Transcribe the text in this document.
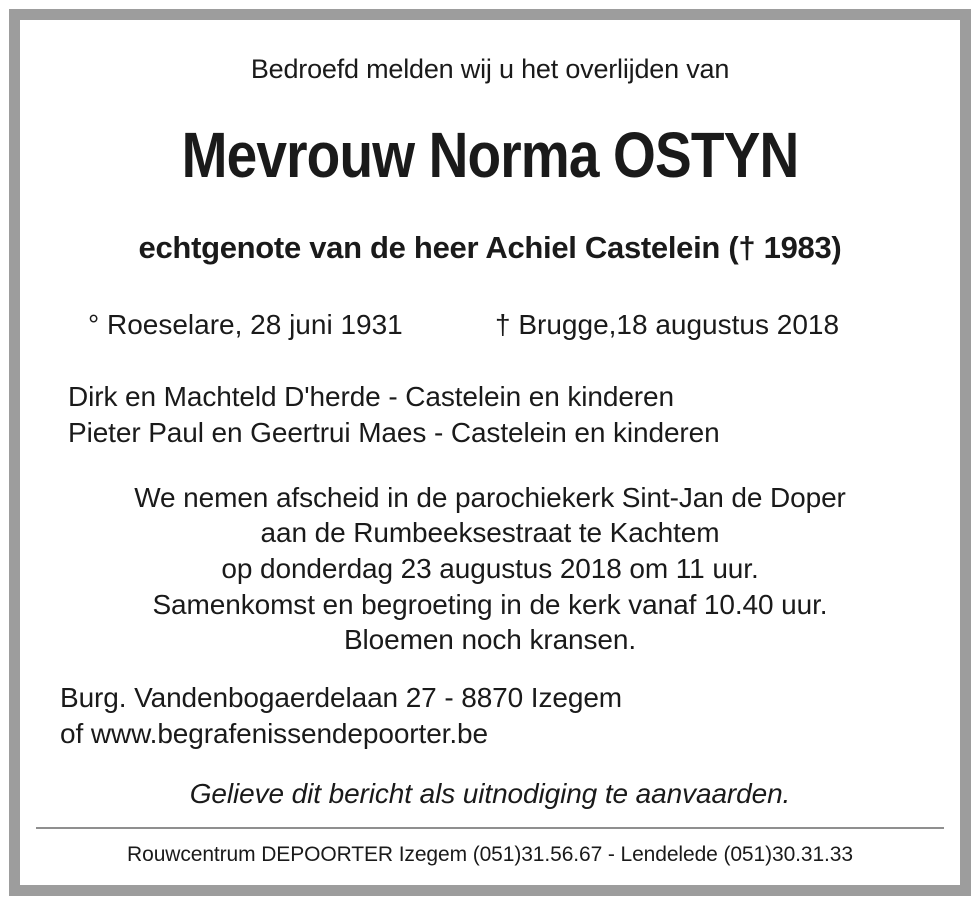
Bedroefd melden wij u het overlijden van
Mevrouw Norma OSTYN
echtgenote van de heer Achiel Castelein († 1983)
° Roeselare, 28 juni 1931	† Brugge,18 augustus 2018
Dirk en Machteld D'herde - Castelein en kinderen
Pieter Paul en Geertrui Maes - Castelein en kinderen
We nemen afscheid in de parochiekerk Sint-Jan de Doper
aan de Rumbeeksestraat te Kachtem
op donderdag 23 augustus 2018 om 11 uur.
Samenkomst en begroeting in de kerk vanaf 10.40 uur.
Bloemen noch kransen.
Burg. Vandenbogaerdelaan 27 - 8870 Izegem
of www.begrafenissendepoorter.be
Gelieve dit bericht als uitnodiging te aanvaarden.
Rouwcentrum DEPOORTER Izegem (051)31.56.67 - Lendelede (051)30.31.33
